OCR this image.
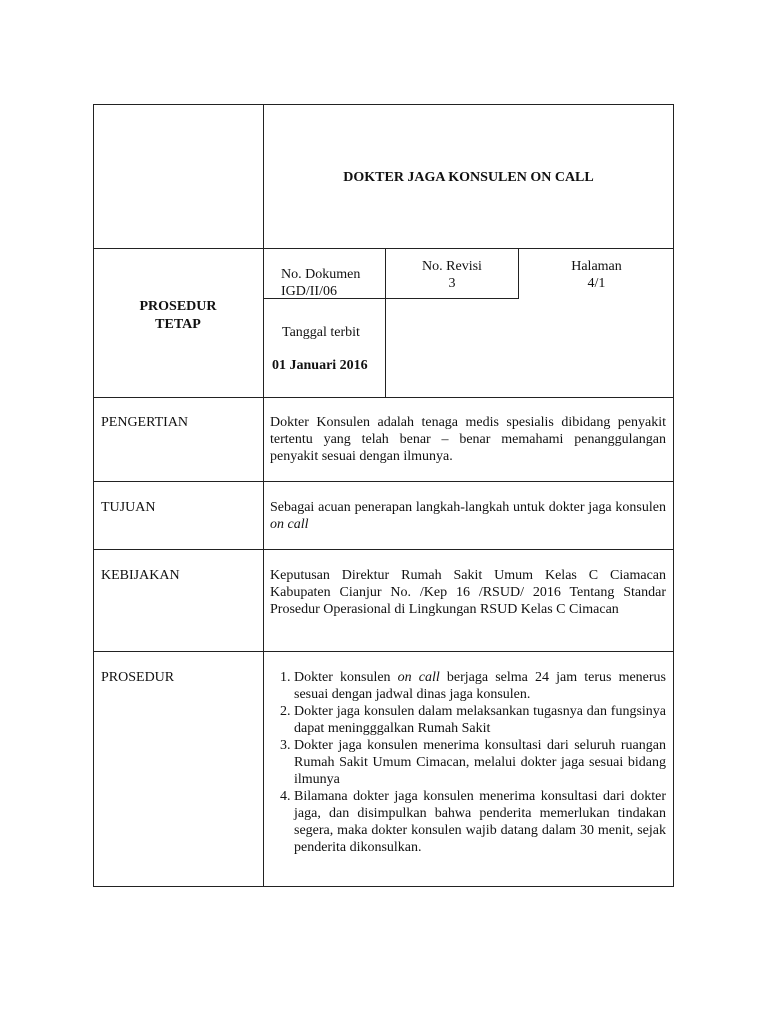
DOKTER JAGA KONSULEN ON CALL
PROSEDUR
TETAP
No. Dokumen
IGD/II/06
No. Revisi
3
Halaman
4/1
Tanggal terbit
01 Januari 2016
PENGERTIAN	Dokter Konsulen adalah tenaga medis spesialis dibidang penyakit tertentu yang telah benar – benar memahami penanggulangan penyakit sesuai dengan ilmunya.
TUJUAN	Sebagai acuan penerapan langkah-langkah untuk dokter jaga konsulen on call
KEBIJAKAN	Keputusan Direktur Rumah Sakit Umum Kelas C Ciamacan Kabupaten Cianjur No. /Kep 16 /RSUD/ 2016 Tentang Standar Prosedur Operasional di Lingkungan RSUD Kelas C Cimacan
PROSEDUR
1.	Dokter konsulen on call berjaga selma 24 jam terus menerus sesuai dengan jadwal dinas jaga konsulen.
2. Dokter jaga konsulen dalam melaksankan tugasnya dan fungsinya dapat meningggalkan Rumah Sakit
3. Dokter jaga konsulen menerima konsultasi dari seluruh ruangan Rumah Sakit Umum Cimacan, melalui dokter jaga sesuai bidang ilmunya
4. Bilamana dokter jaga konsulen menerima konsultasi dari dokter jaga, dan disimpulkan bahwa penderita memerlukan tindakan segera, maka dokter konsulen wajib datang dalam 30 menit, sejak penderita dikonsulkan.
